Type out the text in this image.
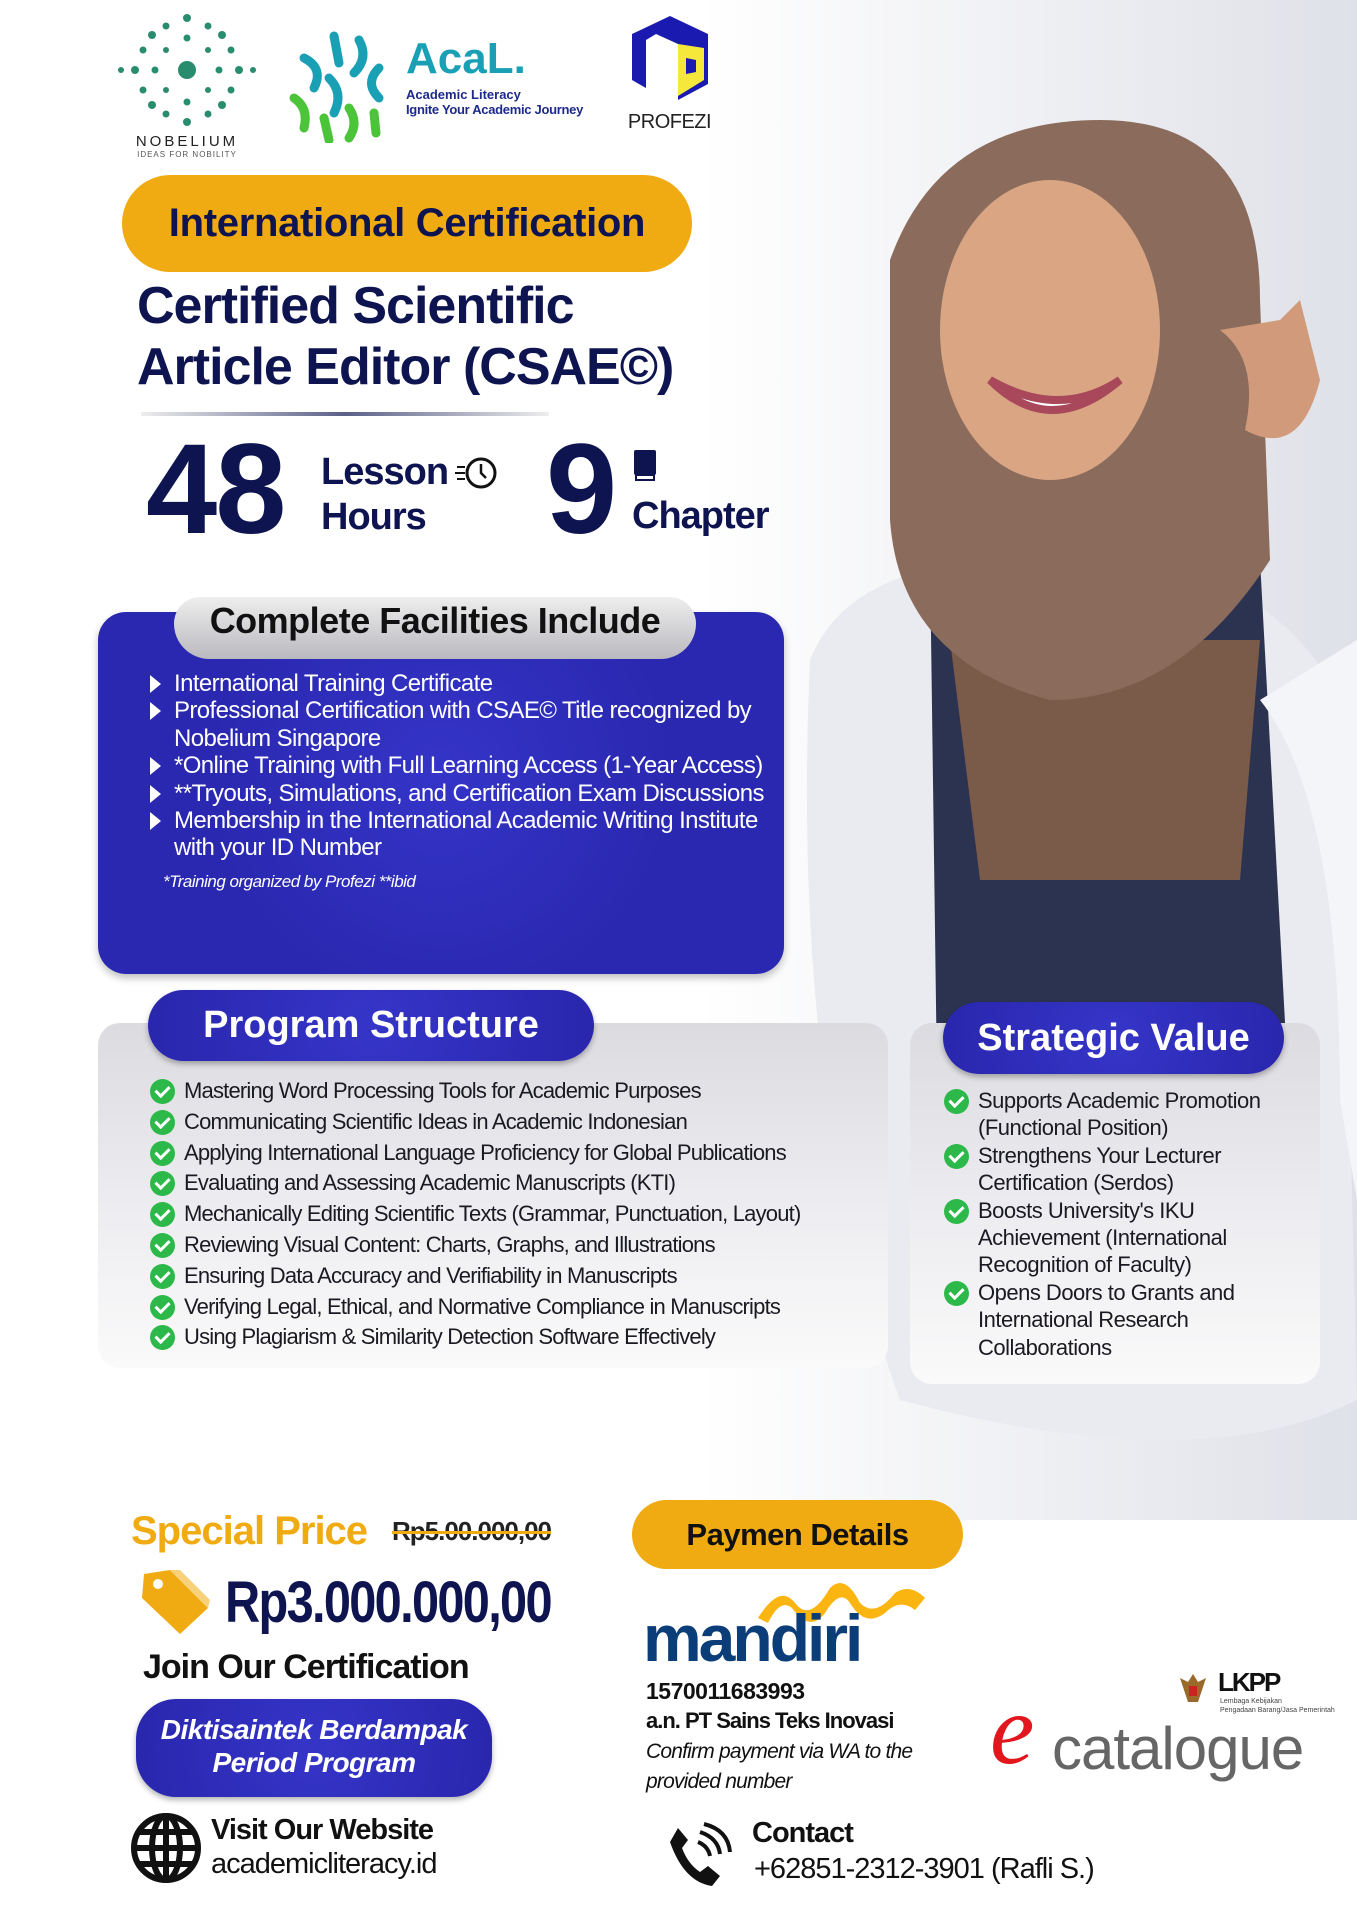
NOBELIUM
IDEAS FOR NOBILITY
AcaL.
Academic Literacy
Ignite Your Academic Journey
PROFEZI
International Certification
Certified Scientific
Article Editor (CSAE©)
48 Lesson
Hours 9 Chapter
Complete Facilities Include
International Training Certificate
Professional Certification with CSAE© Title recognized by Nobelium Singapore
*Online Training with Full Learning Access (1-Year Access)
**Tryouts, Simulations, and Certification Exam Discussions
Membership in the International Academic Writing Institute with your ID Number
*Training organized by Profezi **ibid
Program Structure
Mastering Word Processing Tools for Academic Purposes
Communicating Scientific Ideas in Academic Indonesian
Applying International Language Proficiency for Global Publications
Evaluating and Assessing Academic Manuscripts (KTI)
Mechanically Editing Scientific Texts (Grammar, Punctuation, Layout)
Reviewing Visual Content: Charts, Graphs, and Illustrations
Ensuring Data Accuracy and Verifiability in Manuscripts
Verifying Legal, Ethical, and Normative Compliance in Manuscripts
Using Plagiarism & Similarity Detection Software Effectively
Strategic Value
Supports Academic Promotion (Functional Position)
Strengthens Your Lecturer Certification (Serdos)
Boosts University's IKU Achievement (International Recognition of Faculty)
Opens Doors to Grants and International Research Collaborations
Special Price Rp5.00.000,00
Rp3.000.000,00
Join Our Certification
Diktisaintek Berdampak
Period Program
Visit Our Website
academicliteracy.id
Paymen Details
mandiri
1570011683993
a.n. PT Sains Teks Inovasi
Confirm payment via WA to the
provided number
LKPP
Lembaga Kebijakan
Pengadaan Barang/Jasa Pemerintah
e catalogue
Contact
+62851-2312-3901 (Rafli S.)
